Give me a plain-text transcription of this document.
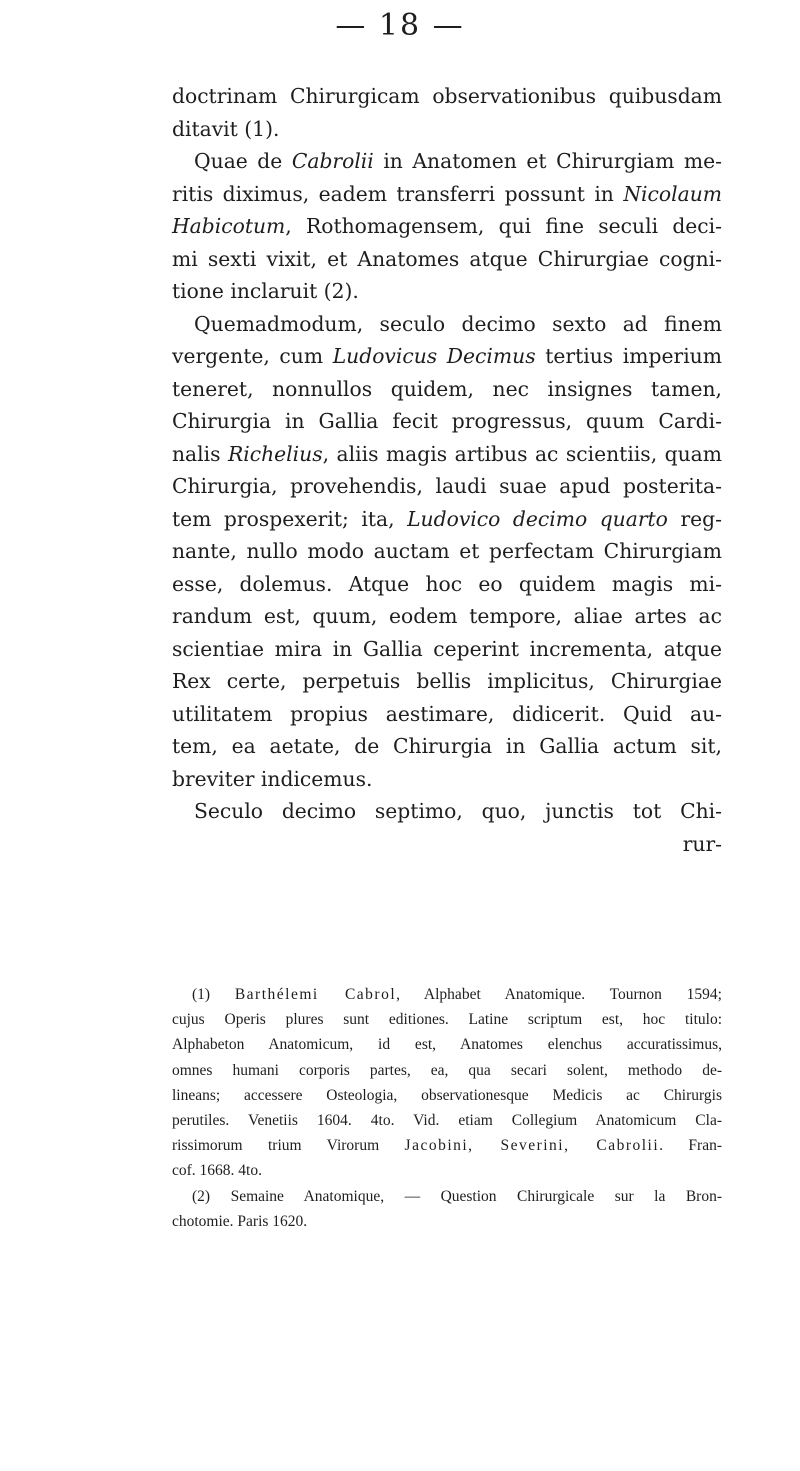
— 18 —
doctrinam Chirurgicam observationibus quibusdam
ditavit (1).
Quae de Cabrolii in Anatomen et Chirurgiam me-
ritis diximus, eadem transferri possunt in Nicolaum
Habicotum, Rothomagensem, qui fine seculi deci-
mi sexti vixit, et Anatomes atque Chirurgiae cogni-
tione inclaruit (2).
Quemadmodum, seculo decimo sexto ad finem
vergente, cum Ludovicus Decimus tertius imperium
teneret, nonnullos quidem, nec insignes tamen,
Chirurgia in Gallia fecit progressus, quum Cardi-
nalis Richelius, aliis magis artibus ac scientiis, quam
Chirurgia, provehendis, laudi suae apud posterita-
tem prospexerit; ita, Ludovico decimo quarto reg-
nante, nullo modo auctam et perfectam Chirurgiam
esse, dolemus. Atque hoc eo quidem magis mi-
randum est, quum, eodem tempore, aliae artes ac
scientiae mira in Gallia ceperint incrementa, atque
Rex certe, perpetuis bellis implicitus, Chirurgiae
utilitatem propius aestimare, didicerit. Quid au-
tem, ea aetate, de Chirurgia in Gallia actum sit,
breviter indicemus.
Seculo decimo septimo, quo, junctis tot Chi-
rur-
(1) Barthélemi Cabrol, Alphabet Anatomique. Tournon 1594;
cujus Operis plures sunt editiones. Latine scriptum est, hoc titulo:
Alphabeton Anatomicum, id est, Anatomes elenchus accuratissimus,
omnes humani corporis partes, ea, qua secari solent, methodo de-
lineans; accessere Osteologia, observationesque Medicis ac Chirurgis
perutiles. Venetiis 1604. 4to. Vid. etiam Collegium Anatomicum Cla-
rissimorum trium Virorum Jacobini, Severini, Cabrolii. Fran-
cof. 1668. 4to.
(2) Semaine Anatomique, — Question Chirurgicale sur la Bron-
chotomie. Paris 1620.
